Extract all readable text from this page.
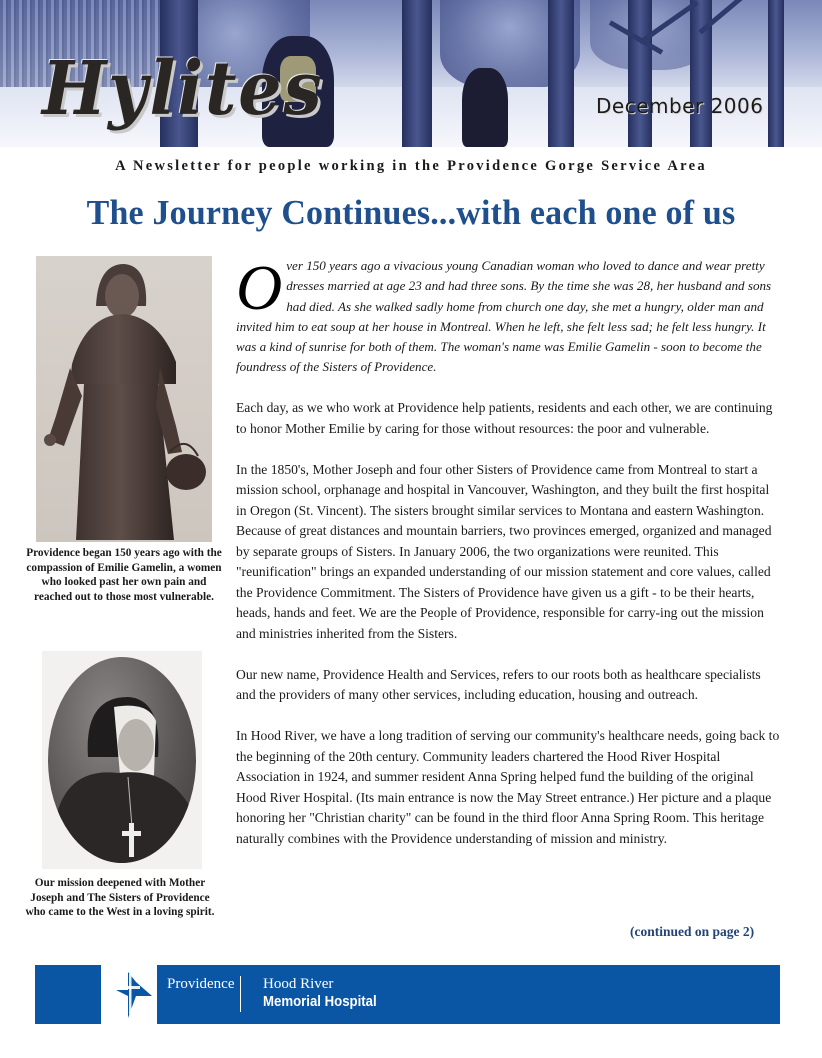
Hylites	December 2006
A Newsletter for people working in the Providence Gorge Service Area
The Journey Continues...with each one of us
Providence began 150 years ago with the compassion of Emilie Gamelin, a women who looked past her own pain and reached out to those most vulnerable.
Our mission deepened with Mother Joseph and The Sisters of Providence who came to the West in a loving spirit.

Over 150 years ago a vivacious young Canadian woman who loved to dance and wear pretty dresses married at age 23 and had three sons. By the time she was 28, her husband and sons had died. As she walked sadly home from church one day, she met a hungry, older man and invited him to eat soup at her house in Montreal. When he left, she felt less sad; he felt less hungry. It was a kind of sunrise for both of them. The woman's name was Emilie Gamelin - soon to become the foundress of the Sisters of Providence.

Each day, as we who work at Providence help patients, residents and each other, we are continuing to honor Mother Emilie by caring for those without resources: the poor and vulnerable.

In the 1850's, Mother Joseph and four other Sisters of Providence came from Montreal to start a mission school, orphanage and hospital in Vancouver, Washington, and they built the first hospital in Oregon (St. Vincent). The sisters brought similar services to Montana and eastern Washington. Because of great distances and mountain barriers, two provinces emerged, organized and managed by separate groups of Sisters. In January 2006, the two organizations were reunited. This "reunification" brings an expanded understanding of our mission statement and core values, called the Providence Commitment. The Sisters of Providence have given us a gift - to be their hearts, heads, hands and feet. We are the People of Providence, responsible for carry-ing out the mission and ministries inherited from the Sisters.

Our new name, Providence Health and Services, refers to our roots both as healthcare specialists and the providers of many other services, including education, housing and outreach.

In Hood River, we have a long tradition of serving our community's healthcare needs, going back to the beginning of the 20th century. Community leaders chartered the Hood River Hospital Association in 1924, and summer resident Anna Spring helped fund the building of the original Hood River Hospital. (Its main entrance is now the May Street entrance.) Her picture and a plaque honoring her "Christian charity" can be found in the third floor Anna Spring Room. This heritage naturally combines with the Providence understanding of mission and ministry.

(continued on page 2)
Providence	Hood River
Memorial Hospital
